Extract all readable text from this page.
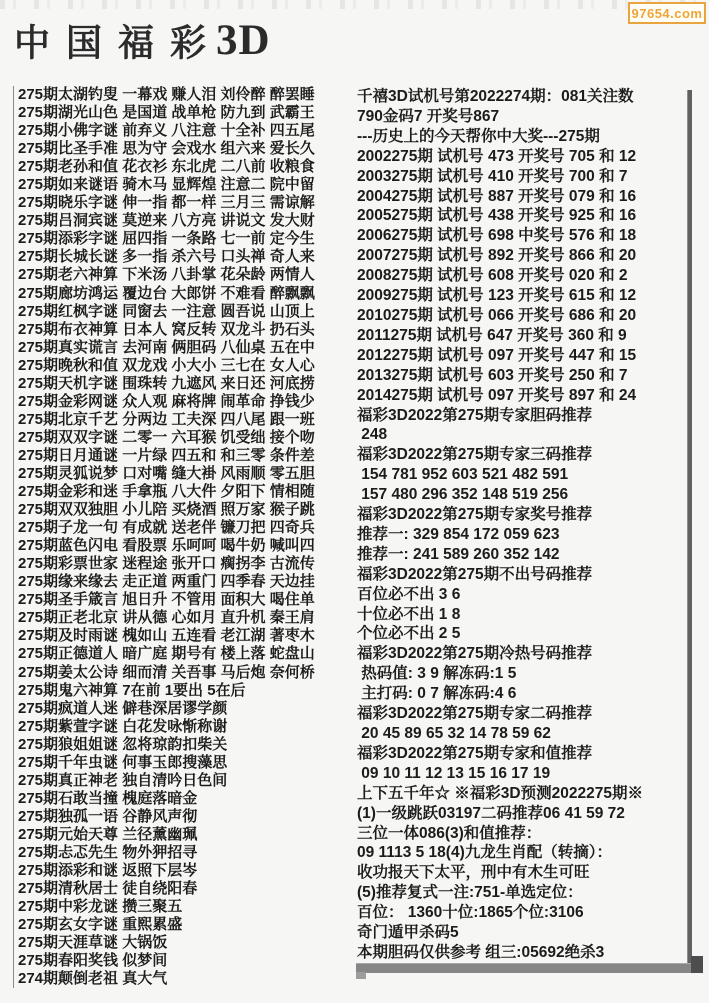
97654.com
中国福彩
3D
275期太湖钓叟 一幕戏 赚人泪 刘伶醉 醉罢睡
275期湖光山色 是国道 战单枪 防九到 武霸王
275期小佛字谜 前弃义 八注意 十全补 四五尾
275期比圣手准 思为守 会戏水 组六来 爱长久
275期老孙和值 花衣衫 东北虎 二八前 收粮食
275期如来谜语 骑木马 显辉煌 注意二 院中留
275期晓乐字谜 伸一指 都一样 三月三 需谅解
275期吕洞宾谜 莫逆来 八方亮 讲说文 发大财
275期添彩字谜 屈四指 一条路 七一前 定今生
275期长城长谜 多一指 杀六号 口头禅 奇人来
275期老六神算 下米汤 八卦掌 花朵龄 两情人
275期廊坊鸿运 覆边台 大郎饼 不难看 醉飘飘
275期红枫字谜 同窗去 一注意 圆吾说 山顶上
275期布衣神算 日本人 窝反转 双龙斗 扔石头
275期真实谎言 去河南 俩胆码 八仙桌 五在中
275期晚秋和值 双龙戏 小大小 三七在 女人心
275期天机字谜 围珠转 九遮风 来日还 河底捞
275期金彩网谜 众人观 麻将牌 闹革命 挣钱少
275期北京千艺 分两边 工夫深 四八尾 跟一班
275期双双字谜 二零一 六耳猴 饥受绌 接个吻
275期日月通谜 一片绿 四五和 和三零 条件差
275期灵狐说梦 口对嘴 缝大褂 风雨顺 零五胆
275期金彩和迷 手拿瓶 八大件 夕阳下 情相随
275期双双独胆 小儿陪 买烧酒 照万家 猴子跳
275期子龙一句 有成就 送老伴 镰刀把 四奇兵
275期蓝色闪电 看股票 乐呵呵 喝牛奶 喊叫四
275期彩票世家 迷程途 张开口 瘸拐李 古流传
275期缘来缘去 走正道 两重门 四季春 天边挂
275期圣手箴言 旭日升 不管用 面积大 喝住单
275期正老北京 讲从德 心如月 直升机 秦王肩
275期及时雨谜 槐如山 五连看 老江湖 著枣木
275期正德道人 暗广庭 期号有 楼上落 蛇盘山
275期姜太公诗 细而清 关吾事 马后炮 奈何桥
275期鬼六神算 7在前 1要出 5在后
275期疯道人迷 僻巷深居谬学颜
275期紫萱字谜 白花发咏惭称谢
275期狼姐姐谜 忽将琼韵扣柴关
275期千年虫谜 何事玉郎搜藻思
275期真正神老 独自清吟日色间
275期石敢当撞 槐庭落暗金
275期独孤一语 谷静风声彻
275期元始天尊 兰径薰幽珮
275期忐忑先生 物外狎招寻
275期添彩和谜 返照下层岑
275期清秋居士 徒自绕阳春
275期中彩龙谜 攒三聚五
275期玄女字谜 重熙累盛
275期天涯草谜 大锅饭
275期春阳奖钱 似梦间
274期颠倒老祖 真大气
千禧3D试机号第2022274期：081关注数
790金码7 开奖号867
---历史上的今天帮你中大奖---275期
2002275期 试机号 473 开奖号 705 和 12
2003275期 试机号 410 开奖号 700 和 7
2004275期 试机号 887 开奖号 079 和 16
2005275期 试机号 438 开奖号 925 和 16
2006275期 试机号 698 中奖号 576 和 18
2007275期 试机号 892 开奖号 866 和 20
2008275期 试机号 608 开奖号 020 和 2
2009275期 试机号 123 开奖号 615 和 12
2010275期 试机号 066 开奖号 686 和 20
2011275期 试机号 647 开奖号 360 和 9
2012275期 试机号 097 开奖号 447 和 15
2013275期 试机号 603 开奖号 250 和 7
2014275期 试机号 097 开奖号 897 和 24
福彩3D2022第275期专家胆码推荐
248
福彩3D2022第275期专家三码推荐
154 781 952 603 521 482 591
157 480 296 352 148 519 256
福彩3D2022第275期专家奖号推荐
推荐一: 329 854 172 059 623
推荐一: 241 589 260 352 142
福彩3D2022第275期不出号码推荐
百位必不出 3 6
十位必不出 1 8
个位必不出 2 5
福彩3D2022第275期冷热号码推荐
热码值: 3 9 解冻码:1 5
主打码: 0 7 解冻码:4 6
福彩3D2022第275期专家二码推荐
20 45 89 65 32 14 78 59 62
福彩3D2022第275期专家和值推荐
09 10 11 12 13 15 16 17 19
上下五千年☆ ※福彩3D预测2022275期※
(1)一级跳跃03197二码推荐06 41 59 72
三位一体086(3)和值推荐：
09 1113 5 18(4)九龙生肖配（转摘）：
收功报天下太平，刑中有木生可旺
(5)推荐复式一注:751-单选定位：
百位： 1360十位:1865个位:3106
奇门遁甲杀码5
本期胆码仅供参考 组三:05692绝杀3
